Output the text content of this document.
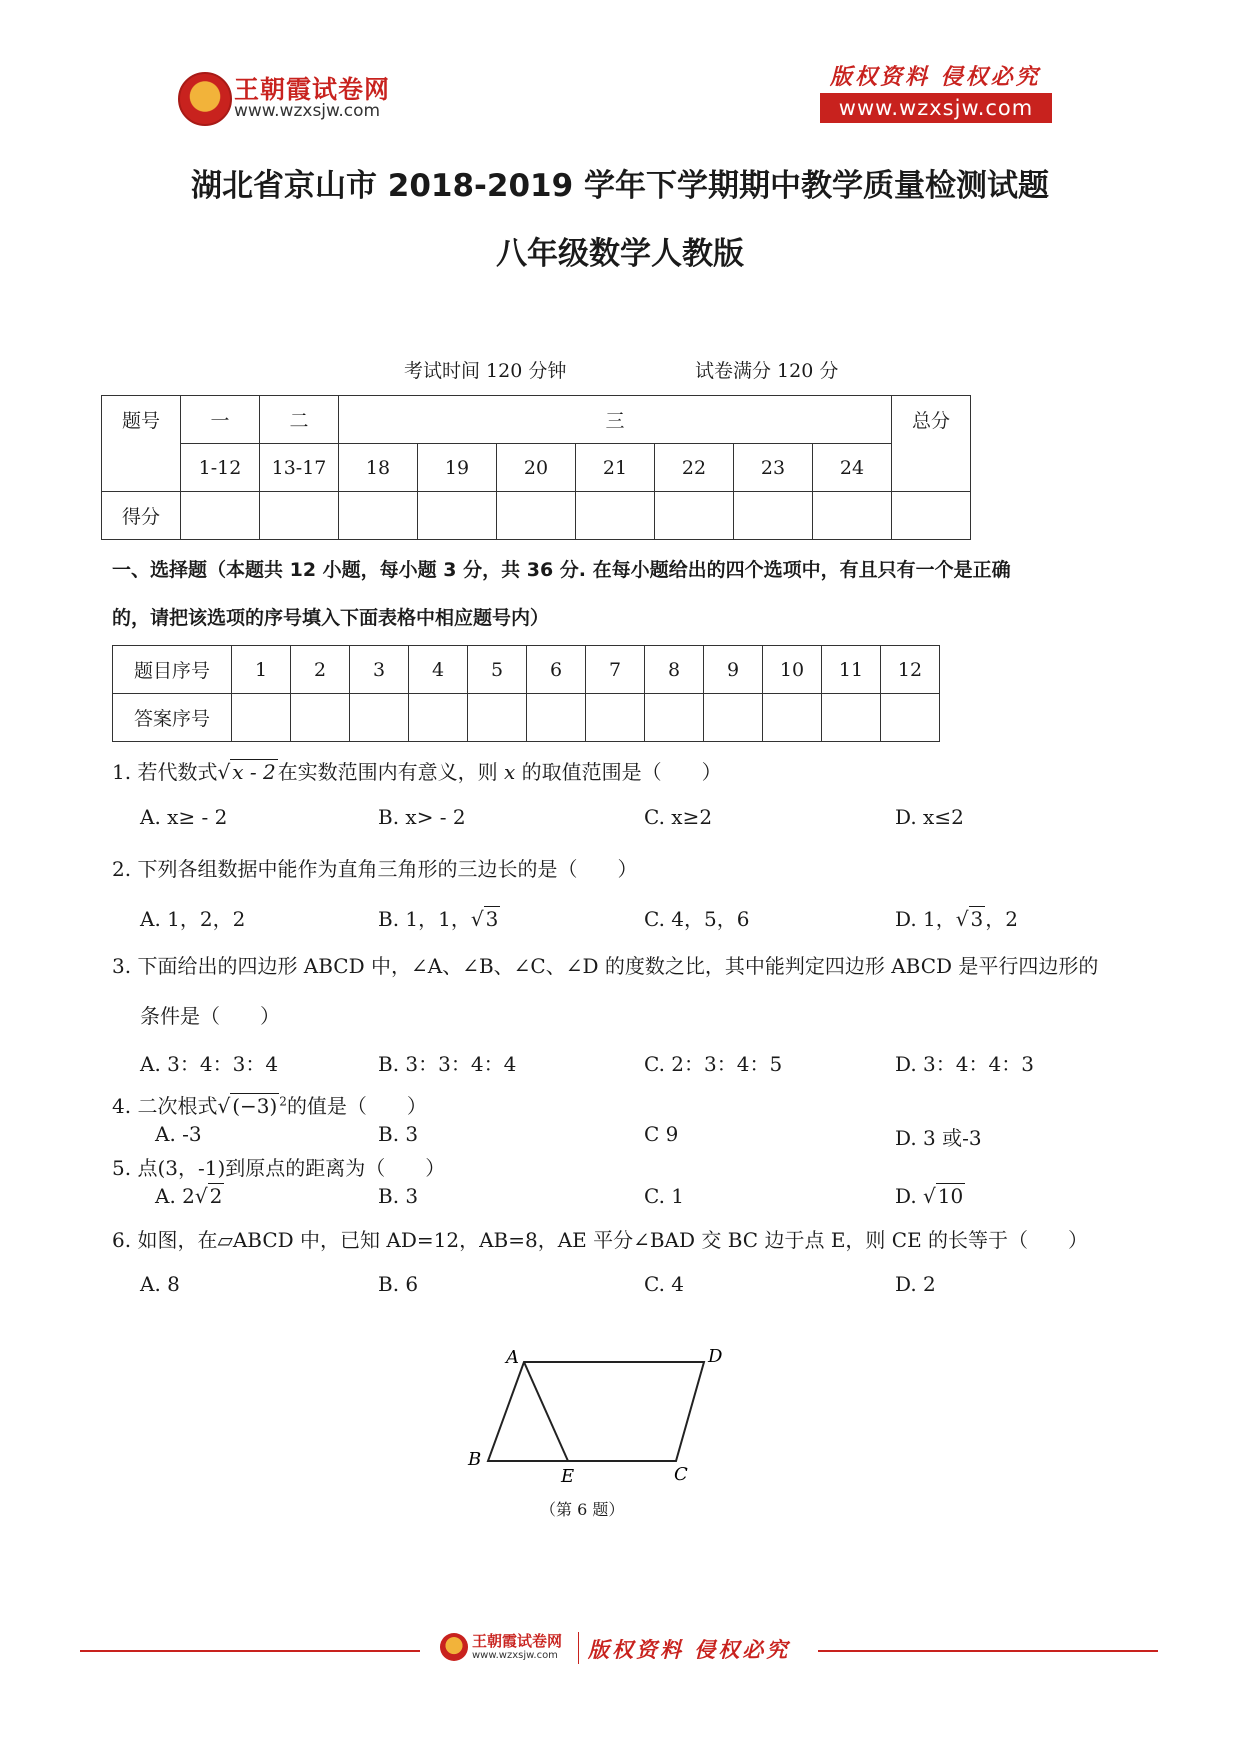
王朝霞试卷网
www.wzxsjw.com
版权资料 侵权必究
www.wzxsjw.com
湖北省京山市 2018-2019 学年下学期期中教学质量检测试题
八年级数学人教版
考试时间 120 分钟	试卷满分 120 分
题号	一	二	三							总分
	1-12	13-17	18	19	20	21	22	23	24	
得分										
一、选择题（本题共 12 小题，每小题 3 分，共 36 分. 在每小题给出的四个选项中，有且只有一个是正确
的，请把该选项的序号填入下面表格中相应题号内）
题目序号	1	2	3	4	5	6	7	8	9	10	11	12
答案序号												
1. 若代数式√ x - 2 在实数范围内有意义，则 x 的取值范围是（　　）
A. x≥ - 2	B. x> - 2	C. x≥2	D. x≤2
2. 下列各组数据中能作为直角三角形的三边长的是（　　）
A. 1，2，2	B. 1，1，√ 3	C. 4，5，6	D. 1，√ 3 ，2
3. 下面给出的四边形 ABCD 中，∠A、∠B、∠C、∠D 的度数之比，其中能判定四边形 ABCD 是平行四边形的
条件是（　　）
A. 3：4：3：4	B. 3：3：4：4	C. 2：3：4：5	D. 3：4：4：3
4. 二次根式√ (−3) $^2$的值是（　　）
A. -3	B. 3	C 9	D. 3 或-3
5. 点(3，-1)到原点的距离为（　　）
A. 2√ 2	B. 3	C. 1	D. √ 10
6. 如图，在▱ABCD 中，已知 AD=12，AB=8，AE 平分∠BAD 交 BC 边于点 E，则 CE 的长等于（　　）
A. 8	B. 6	C. 4	D. 2
A	D
B
E	C
（第 6 题）
王朝霞试卷网
www.wzxsjw.com 版权资料 侵权必究
